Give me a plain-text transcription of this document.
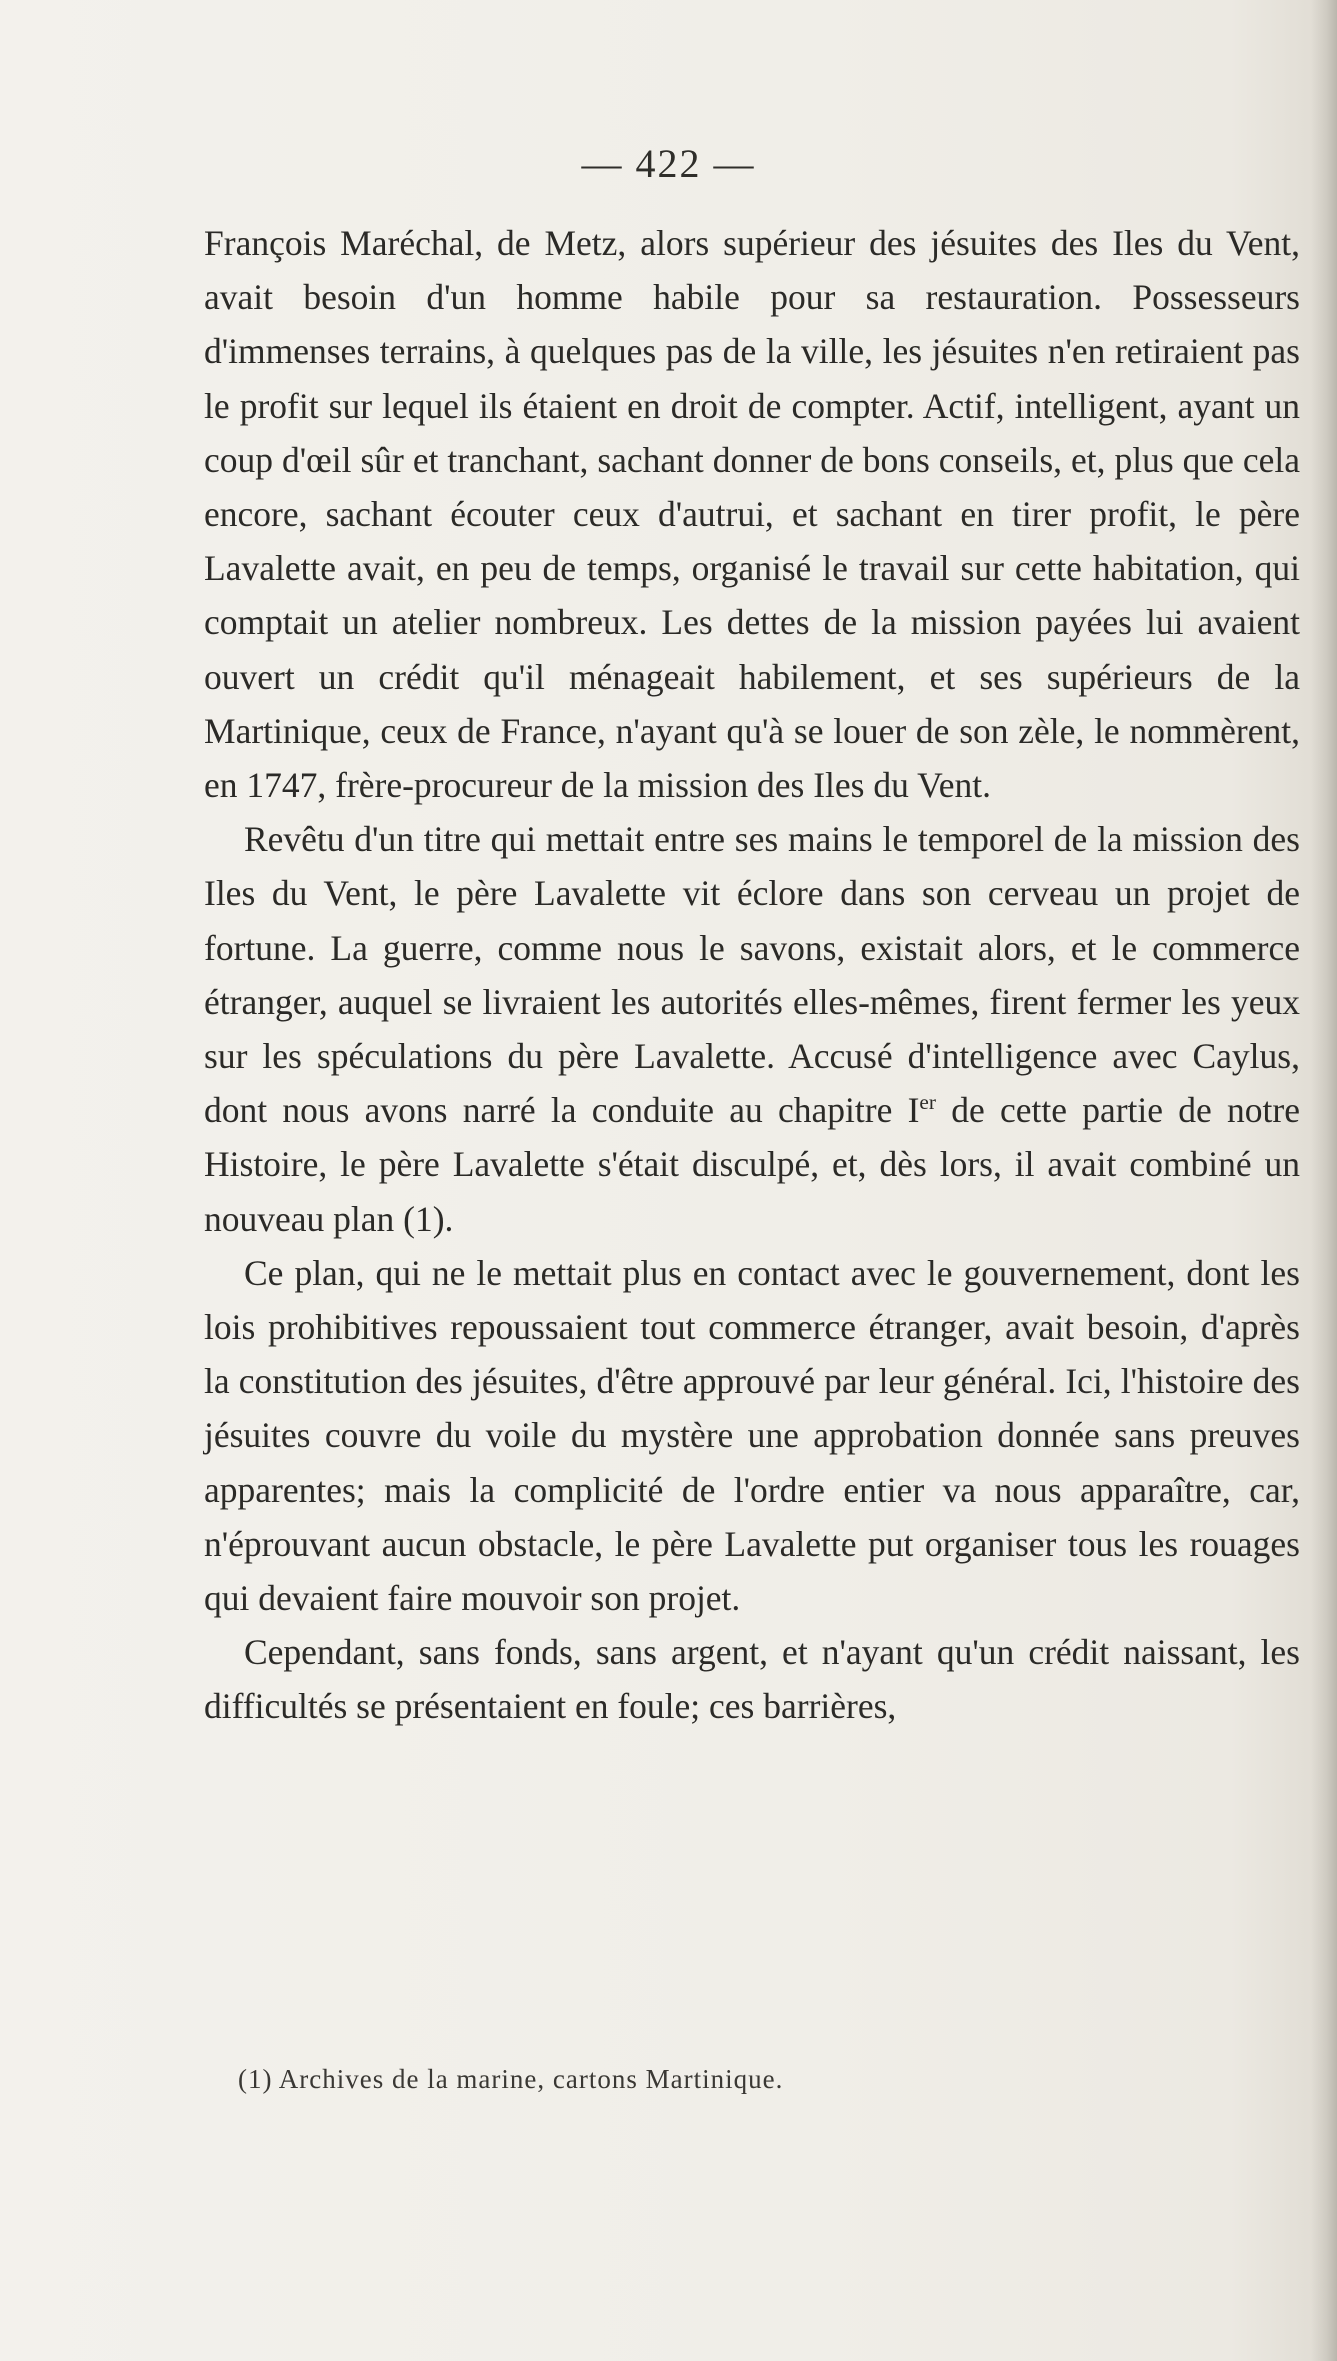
— 422 —

François Maréchal, de Metz, alors supérieur des jésuites des Iles du Vent, avait besoin d'un homme habile pour sa restauration. Possesseurs d'immenses terrains, à quelques pas de la ville, les jésuites n'en retiraient pas le profit sur lequel ils étaient en droit de compter. Actif, intelligent, ayant un coup d'œil sûr et tranchant, sachant donner de bons conseils, et, plus que cela encore, sachant écouter ceux d'autrui, et sachant en tirer profit, le père Lavalette avait, en peu de temps, organisé le travail sur cette habitation, qui comptait un atelier nombreux. Les dettes de la mission payées lui avaient ouvert un crédit qu'il ménageait habilement, et ses supérieurs de la Martinique, ceux de France, n'ayant qu'à se louer de son zèle, le nommèrent, en 1747, frère-procureur de la mission des Iles du Vent.

Revêtu d'un titre qui mettait entre ses mains le temporel de la mission des Iles du Vent, le père Lavalette vit éclore dans son cerveau un projet de fortune. La guerre, comme nous le savons, existait alors, et le commerce étranger, auquel se livraient les autorités elles-mêmes, firent fermer les yeux sur les spéculations du père Lavalette. Accusé d'intelligence avec Caylus, dont nous avons narré la conduite au chapitre Ier de cette partie de notre Histoire, le père Lavalette s'était disculpé, et, dès lors, il avait combiné un nouveau plan (1).

Ce plan, qui ne le mettait plus en contact avec le gouvernement, dont les lois prohibitives repoussaient tout commerce étranger, avait besoin, d'après la constitution des jésuites, d'être approuvé par leur général. Ici, l'histoire des jésuites couvre du voile du mystère une approbation donnée sans preuves apparentes; mais la complicité de l'ordre entier va nous apparaître, car, n'éprouvant aucun obstacle, le père Lavalette put organiser tous les rouages qui devaient faire mouvoir son projet.

Cependant, sans fonds, sans argent, et n'ayant qu'un crédit naissant, les difficultés se présentaient en foule; ces barrières,

(1) Archives de la marine, cartons Martinique.
